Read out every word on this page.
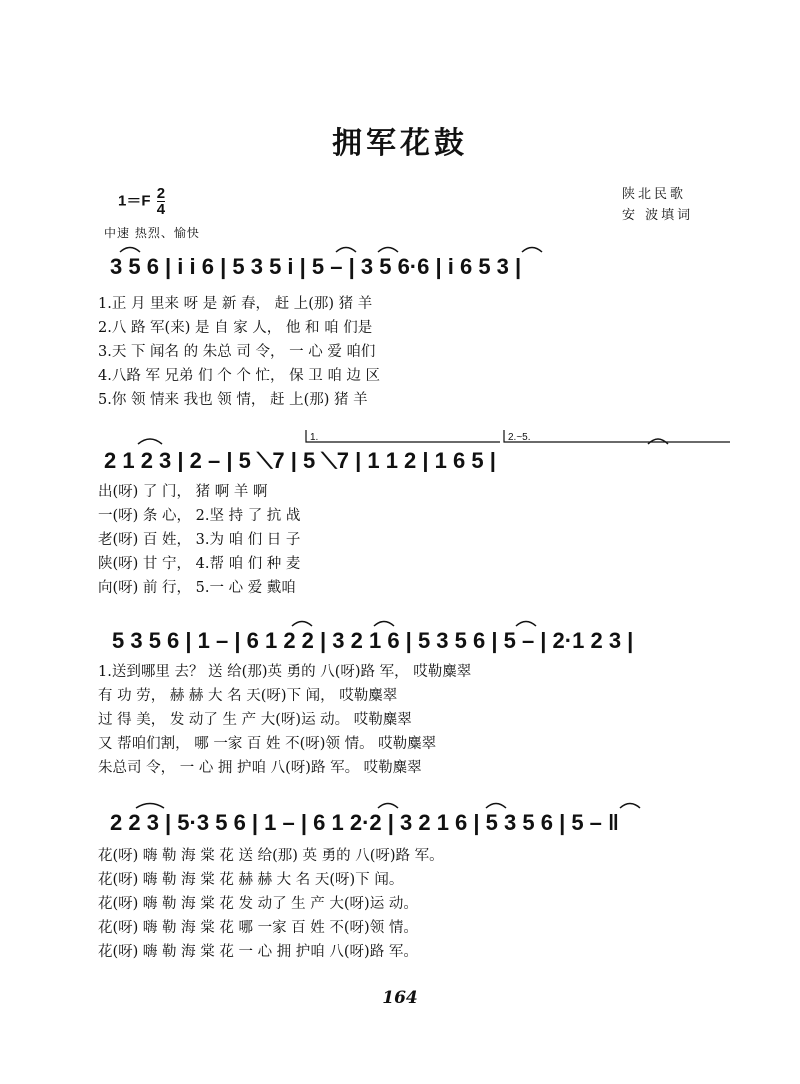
拥军花鼓
$1=F \frac{2}{4}$	陕北民歌
安 波填词
中速 热烈、愉快
3 5 6 | i i 6 | 5 3 5 i | 5 – | 3 5 6·6 | i 6 5 3 |
1.正 月 里来 呀 是 新 春， 赶 上(那) 猪 羊
2.八 路 军(来) 是 自 家 人， 他 和 咱 们是
3.天 下 闻名 的 朱总 司 令， 一 心 爱 咱们
4.八路 军 兄弟 们 个 个 忙， 保 卫 咱 边 区
5.你 领 情来 我也 领 情， 赶 上(那) 猪 羊
1.	2.~5.
2 1 2 3 | 2 – | 5 ⟍7 | 5 ⟍7 | 1 1 2 | 1 6 5 |
出(呀) 了 门， 猪 啊 羊 啊
一(呀) 条 心， 2.坚 持 了 抗 战
老(呀) 百 姓， 3.为 咱 们 日 子
陕(呀) 甘 宁， 4.帮 咱 们 种 麦
向(呀) 前 行， 5.一 心 爱 戴咱
5 3 5 6 | 1 – | 6 1 2 2 | 3 2 1 6 | 5 3 5 6 | 5 – | 2·1 2 3 |
1.送到哪里 去？ 送 给(那)英 勇的 八(呀)路 军， 哎勒麋翠
有 功 劳， 赫 赫 大 名 天(呀)下 闻， 哎勒麋翠
过 得 美， 发 动了 生 产 大(呀)运 动。 哎勒麋翠
又 帮咱们割， 哪 一家 百 姓 不(呀)领 情。 哎勒麋翠
朱总司 令， 一 心 拥 护咱 八(呀)路 军。 哎勒麋翠
2 2 3 | 5·3 5 6 | 1 – | 6 1 2·2 | 3 2 1 6 | 5 3 5 6 | 5 – ‖
花(呀) 嗨 勒 海 棠 花 送 给(那) 英 勇的 八(呀)路 军。
花(呀) 嗨 勒 海 棠 花 赫 赫 大 名 天(呀)下 闻。
花(呀) 嗨 勒 海 棠 花 发 动了 生 产 大(呀)运 动。
花(呀) 嗨 勒 海 棠 花 哪 一家 百 姓 不(呀)领 情。
花(呀) 嗨 勒 海 棠 花 一 心 拥 护咱 八(呀)路 军。
164
